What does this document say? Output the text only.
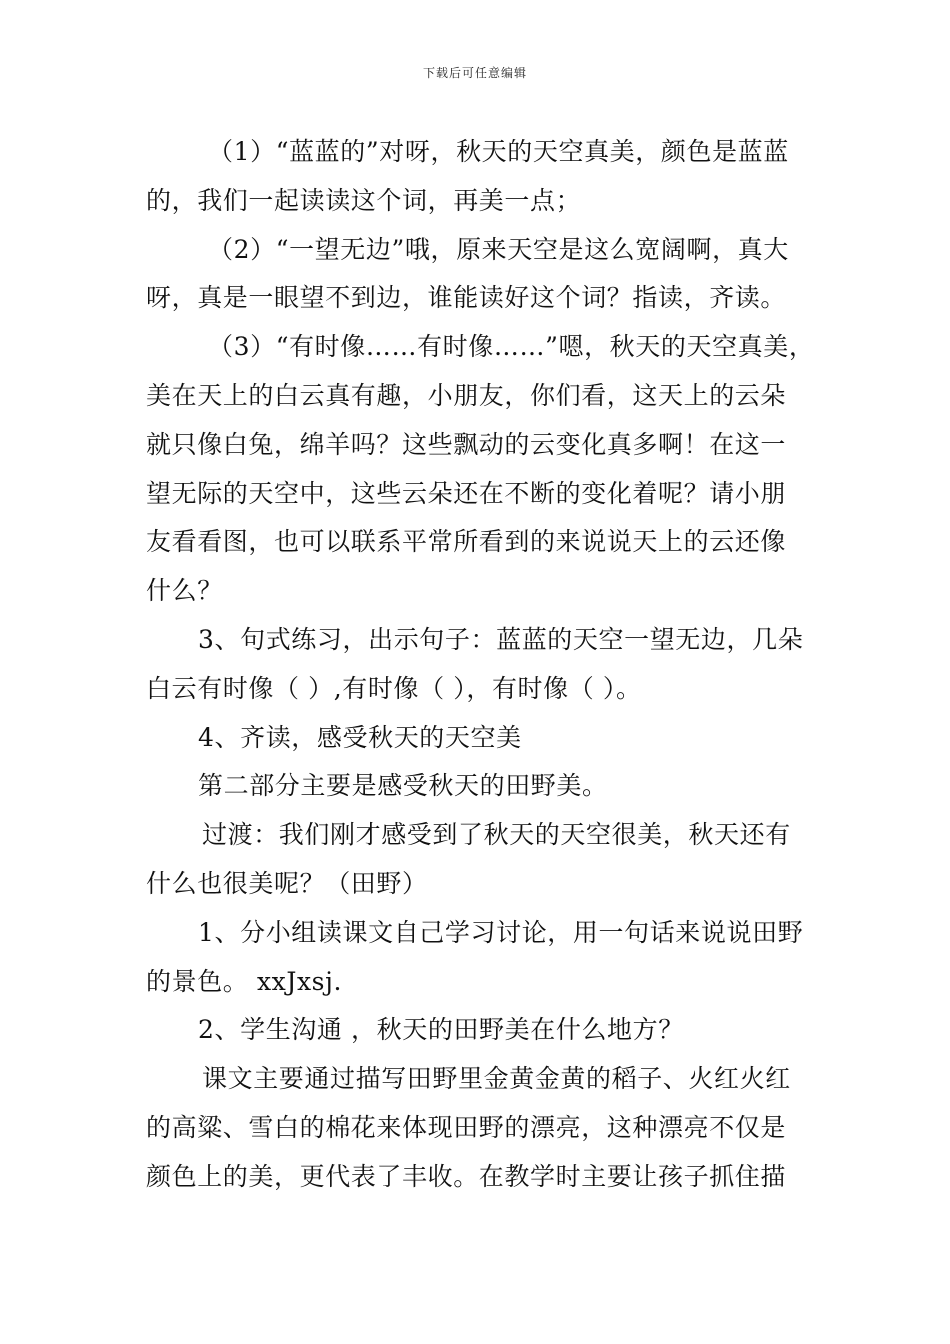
下载后可任意编辑
（1）“蓝蓝的”对呀，秋天的天空真美，颜色是蓝蓝
的，我们一起读读这个词，再美一点；
（2）“一望无边”哦，原来天空是这么宽阔啊，真大
呀，真是一眼望不到边，谁能读好这个词？指读，齐读。
（3）“有时像……有时像……”嗯，秋天的天空真美，
美在天上的白云真有趣，小朋友，你们看，这天上的云朵
就只像白兔，绵羊吗？这些飘动的云变化真多啊！在这一
望无际的天空中，这些云朵还在不断的变化着呢？请小朋
友看看图，也可以联系平常所看到的来说说天上的云还像
什么？
3、句式练习，出示句子：蓝蓝的天空一望无边，几朵
白云有时像（ ）,有时像（ ），有时像（ ）。
4、齐读，感受秋天的天空美
第二部分主要是感受秋天的田野美。
过渡：我们刚才感受到了秋天的天空很美，秋天还有
什么也很美呢？（田野）
1、分小组读课文自己学习讨论，用一句话来说说田野
的景色。 xxJxsj.
2、学生沟通 ，秋天的田野美在什么地方？
课文主要通过描写田野里金黄金黄的稻子、火红火红
的高粱、雪白的棉花来体现田野的漂亮，这种漂亮不仅是
颜色上的美，更代表了丰收。在教学时主要让孩子抓住描
